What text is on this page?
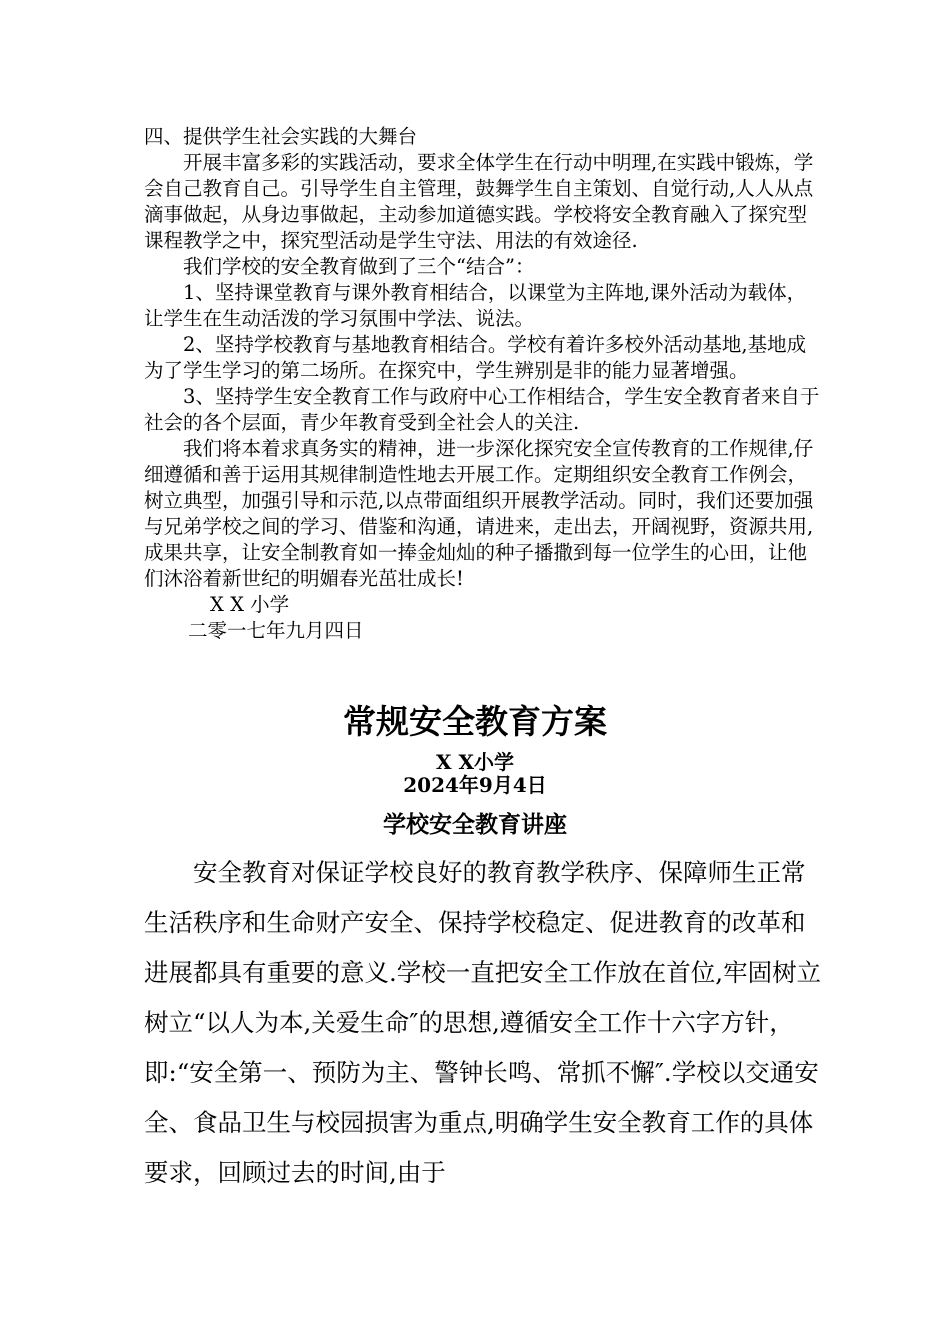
四、提供学生社会实践的大舞台

开展丰富多彩的实践活动，要求全体学生在行动中明理,在实践中锻炼，学会自己教育自己。引导学生自主管理，鼓舞学生自主策划、自觉行动,人人从点滴事做起，从身边事做起，主动参加道德实践。学校将安全教育融入了探究型课程教学之中，探究型活动是学生守法、用法的有效途径.

我们学校的安全教育做到了三个“结合”：

1、坚持课堂教育与课外教育相结合，以课堂为主阵地,课外活动为载体，让学生在生动活泼的学习氛围中学法、说法。

2、坚持学校教育与基地教育相结合。学校有着许多校外活动基地,基地成为了学生学习的第二场所。在探究中，学生辨别是非的能力显著增强。

3、坚持学生安全教育工作与政府中心工作相结合，学生安全教育者来自于社会的各个层面，青少年教育受到全社会人的关注.

我们将本着求真务实的精神，进一步深化探究安全宣传教育的工作规律,仔细遵循和善于运用其规律制造性地去开展工作。定期组织安全教育工作例会，树立典型，加强引导和示范,以点带面组织开展教学活动。同时，我们还要加强与兄弟学校之间的学习、借鉴和沟通，请进来，走出去，开阔视野，资源共用,成果共享，让安全制教育如一捧金灿灿的种子播撒到每一位学生的心田，让他们沐浴着新世纪的明媚春光茁壮成长!

X X 小学

二零一七年九月四日

常规安全教育方案

X X小学

2024年9月4日

学校安全教育讲座

安全教育对保证学校良好的教育教学秩序、保障师生正常生活秩序和生命财产安全、保持学校稳定、促进教育的改革和进展都具有重要的意义.学校一直把安全工作放在首位,牢固树立树立“以人为本,关爱生命″的思想,遵循安全工作十六字方针，即:“安全第一、预防为主、警钟长鸣、常抓不懈″.学校以交通安全、食品卫生与校园损害为重点,明确学生安全教育工作的具体要求，回顾过去的时间,由于
